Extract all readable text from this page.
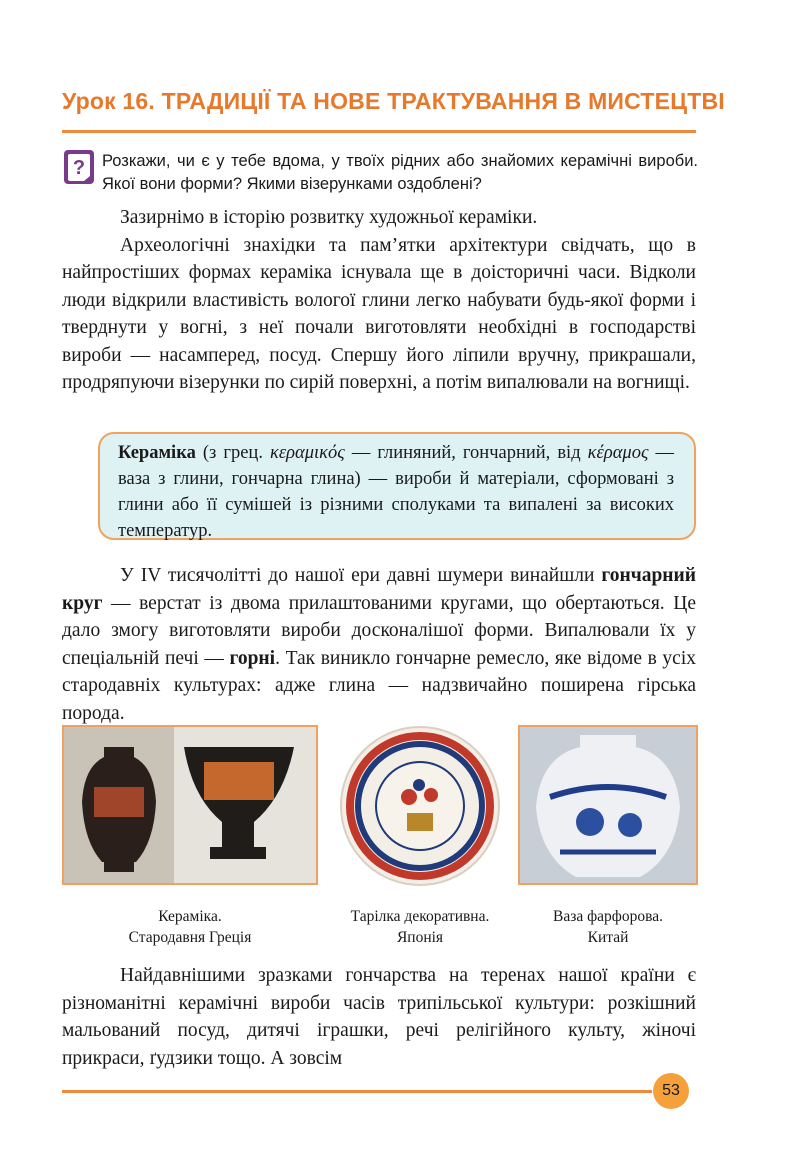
Урок 16. ТРАДИЦІЇ ТА НОВЕ ТРАКТУВАННЯ В МИСТЕЦТВІ
? Розкажи, чи є у тебе вдома, у твоїх рідних або знайомих керамічні вироби. Якої вони форми? Якими візерунками оздоблені?
Зазирнімо в історію розвитку художньої кераміки.
Археологічні знахідки та пам’ятки архітектури свідчать, що в найпростіших формах кераміка існувала ще в доісторичні часи. Відколи люди відкрили властивість вологої глини легко набувати будь-якої форми і тверднути у вогні, з неї почали виготовляти необхідні в господарстві вироби — насамперед, посуд. Спершу його ліпили вручну, прикрашали, продряпуючи візерунки по сирій поверхні, а потім випалювали на вогнищі.
Кераміка (з грец. κεραμικός — глиняний, гончарний, від κέραμος — ваза з глини, гончарна глина) — вироби й матеріали, сформовані з глини або її сумішей із різними сполуками та випалені за високих температур.

У IV тисячолітті до нашої ери давні шумери винайшли гончарний круг — верстат із двома прилаштованими кругами, що обертаються. Це дало змогу виготовляти вироби досконалішої форми. Випалювали їх у спеціальній печі — горні. Так виникло гончарне ремесло, яке відоме в усіх стародавніх культурах: адже глина — надзвичайно поширена гірська порода.

Кераміка.
Стародавня Греція
Тарілка декоративна.
Японія
Ваза фарфорова.
Китай

Найдавнішими зразками гончарства на теренах нашої країни є різноманітні керамічні вироби часів трипільської культури: розкішний мальований посуд, дитячі іграшки, речі релігійного культу, жіночі прикраси, ґудзики тощо. А зовсім

53
